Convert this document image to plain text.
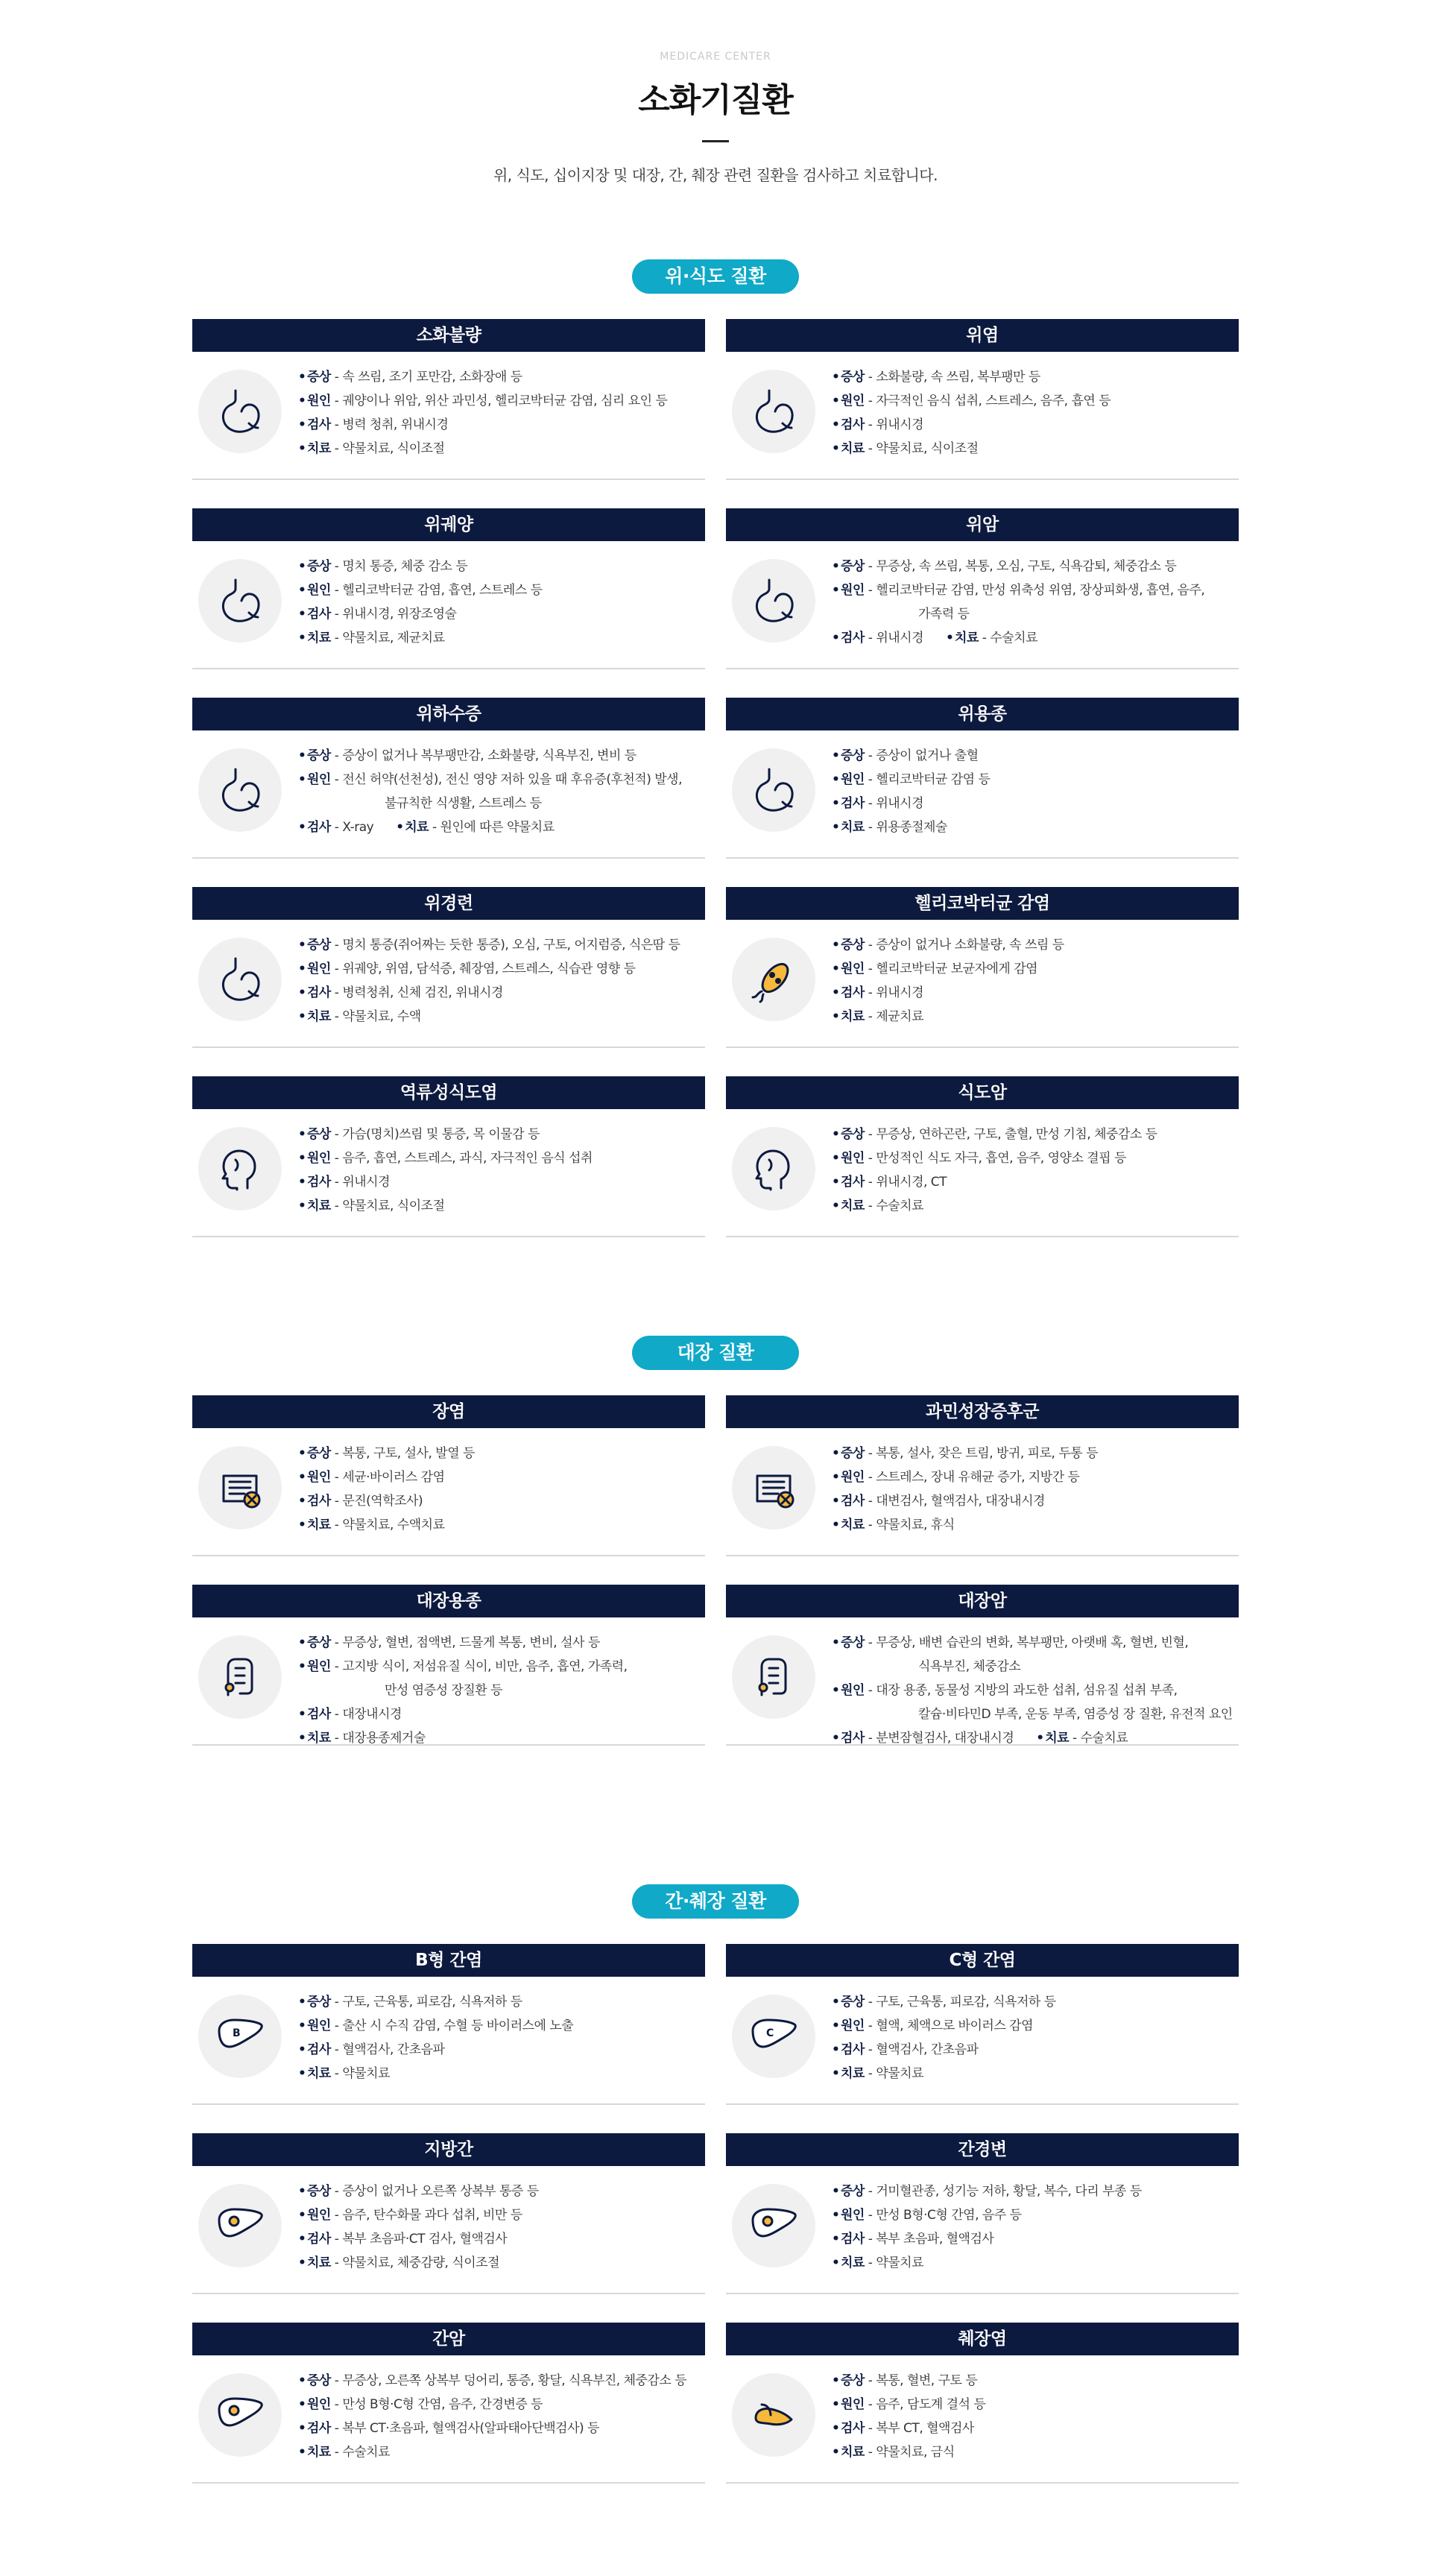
MEDICARE CENTER
소화기질환

위, 식도, 십이지장 및 대장, 간, 췌장 관련 질환을 검사하고 치료합니다.

위·식도 질환
소화불량
• 증상 - 속 쓰림, 조기 포만감, 소화장애 등
• 원인 - 궤양이나 위암, 위산 과민성, 헬리코박터균 감염, 심리 요인 등
• 검사 - 병력 청취, 위내시경
• 치료 - 약물치료, 식이조절
위염
• 증상 - 소화불량, 속 쓰림, 복부팽만 등
• 원인 - 자극적인 음식 섭취, 스트레스, 음주, 흡연 등
• 검사 - 위내시경
• 치료 - 약물치료, 식이조절
위궤양
• 증상 - 명치 통증, 체중 감소 등
• 원인 - 헬리코박터균 감염, 흡연, 스트레스 등
• 검사 - 위내시경, 위장조영술
• 치료 - 약물치료, 제균치료
위암
• 증상 - 무증상, 속 쓰림, 복통, 오심, 구토, 식욕감퇴, 체중감소 등
• 원인 - 헬리코박터균 감염, 만성 위축성 위염, 장상피화생, 흡연, 음주,
가족력 등
• 검사 - 위내시경 • 치료 - 수술치료
위하수증
• 증상 - 증상이 없거나 복부팽만감, 소화불량, 식욕부진, 변비 등
• 원인 - 전신 허약(선천성), 전신 영양 저하 있을 때 후유증(후천적) 발생,
불규칙한 식생활, 스트레스 등
• 검사 - X-ray • 치료 - 원인에 따른 약물치료
위용종
• 증상 - 증상이 없거나 출혈
• 원인 - 헬리코박터균 감염 등
• 검사 - 위내시경
• 치료 - 위용종절제술
위경련
• 증상 - 명치 통증(쥐어짜는 듯한 통증), 오심, 구토, 어지럼증, 식은땀 등
• 원인 - 위궤양, 위염, 담석증, 췌장염, 스트레스, 식습관 영향 등
• 검사 - 병력청취, 신체 검진, 위내시경
• 치료 - 약물치료, 수액
헬리코박터균 감염
• 증상 - 증상이 없거나 소화불량, 속 쓰림 등
• 원인 - 헬리코박터균 보균자에게 감염
• 검사 - 위내시경
• 치료 - 제균치료
역류성식도염
• 증상 - 가슴(명치)쓰림 및 통증, 목 이물감 등
• 원인 - 음주, 흡연, 스트레스, 과식, 자극적인 음식 섭취
• 검사 - 위내시경
• 치료 - 약물치료, 식이조절
식도암
• 증상 - 무증상, 연하곤란, 구토, 출혈, 만성 기침, 체중감소 등
• 원인 - 만성적인 식도 자극, 흡연, 음주, 영양소 결핍 등
• 검사 - 위내시경, CT
• 치료 - 수술치료
대장 질환
장염
• 증상 - 복통, 구토, 설사, 발열 등
• 원인 - 세균·바이러스 감염
• 검사 - 문진(역학조사)
• 치료 - 약물치료, 수액치료
과민성장증후군
• 증상 - 복통, 설사, 잦은 트림, 방귀, 피로, 두통 등
• 원인 - 스트레스, 장내 유해균 증가, 지방간 등
• 검사 - 대변검사, 혈액검사, 대장내시경
• 치료 - 약물치료, 휴식
대장용종
• 증상 - 무증상, 혈변, 점액변, 드물게 복통, 변비, 설사 등
• 원인 - 고지방 식이, 저섬유질 식이, 비만, 음주, 흡연, 가족력,
만성 염증성 장질환 등
• 검사 - 대장내시경
• 치료 - 대장용종제거술
대장암
• 증상 - 무증상, 배변 습관의 변화, 복부팽만, 아랫배 혹, 혈변, 빈혈,
식욕부진, 체중감소
• 원인 - 대장 용종, 동물성 지방의 과도한 섭취, 섬유질 섭취 부족,
칼슘·비타민D 부족, 운동 부족, 염증성 장 질환, 유전적 요인
• 검사 - 분변잠혈검사, 대장내시경 • 치료 - 수술치료
간·췌장 질환
B형 간염
B
• 증상 - 구토, 근육통, 피로감, 식욕저하 등
• 원인 - 출산 시 수직 감염, 수혈 등 바이러스에 노출
• 검사 - 혈액검사, 간초음파
• 치료 - 약물치료
C형 간염
C
• 증상 - 구토, 근육통, 피로감, 식욕저하 등
• 원인 - 혈액, 체액으로 바이러스 감염
• 검사 - 혈액검사, 간초음파
• 치료 - 약물치료
지방간
• 증상 - 증상이 없거나 오른쪽 상복부 통증 등
• 원인 - 음주, 탄수화물 과다 섭취, 비만 등
• 검사 - 복부 초음파·CT 검사, 혈액검사
• 치료 - 약물치료, 체중감량, 식이조절
간경변
• 증상 - 거미혈관종, 성기능 저하, 황달, 복수, 다리 부종 등
• 원인 - 만성 B형·C형 간염, 음주 등
• 검사 - 복부 초음파, 혈액검사
• 치료 - 약물치료
간암
• 증상 - 무증상, 오른쪽 상복부 덩어리, 통증, 황달, 식욕부진, 체중감소 등
• 원인 - 만성 B형·C형 간염, 음주, 간경변증 등
• 검사 - 복부 CT·초음파, 혈액검사(알파태아단백검사) 등
• 치료 - 수술치료
췌장염
• 증상 - 복통, 혈변, 구토 등
• 원인 - 음주, 담도계 결석 등
• 검사 - 복부 CT, 혈액검사
• 치료 - 약물치료, 금식
